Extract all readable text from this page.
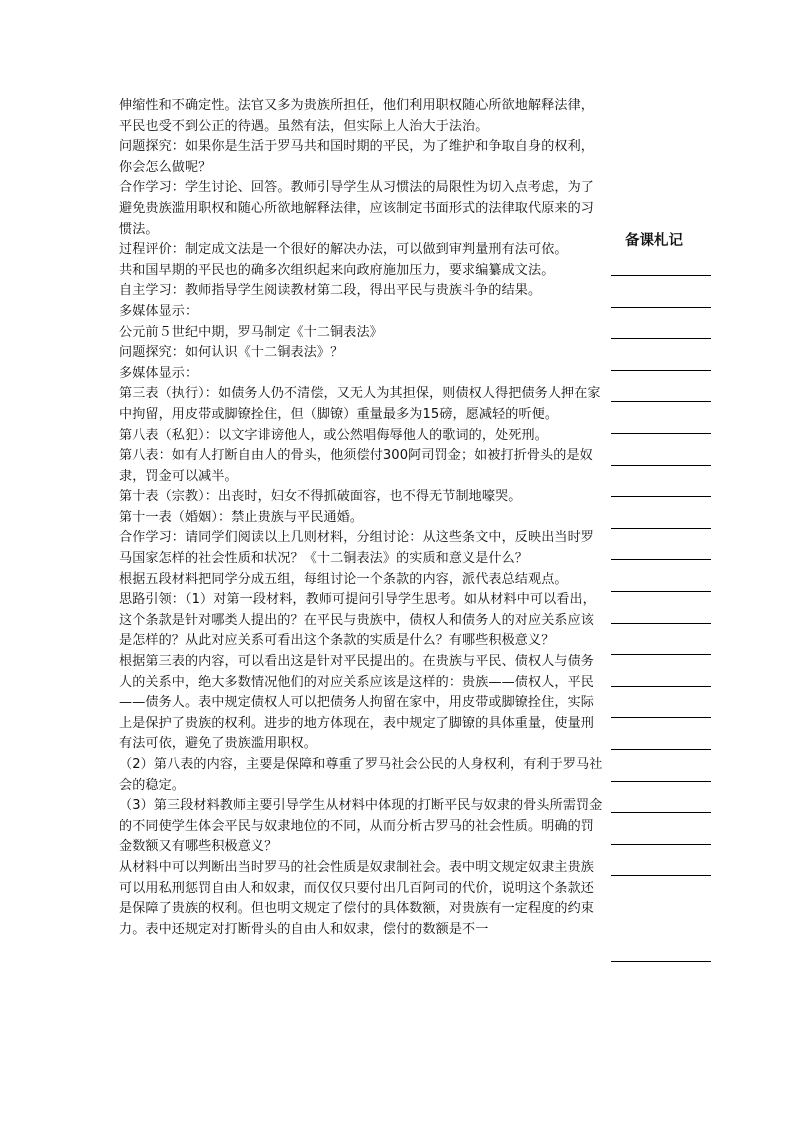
伸缩性和不确定性。法官又多为贵族所担任，他们利用职权随心所欲地解释法律，平民也受不到公正的待遇。虽然有法，但实际上人治大于法治。

问题探究：如果你是生活于罗马共和国时期的平民，为了维护和争取自身的权利，你会怎么做呢？

合作学习：学生讨论、回答。教师引导学生从习惯法的局限性为切入点考虑，为了避免贵族滥用职权和随心所欲地解释法律，应该制定书面形式的法律取代原来的习惯法。

过程评价：制定成文法是一个很好的解决办法，可以做到审判量刑有法可依。

共和国早期的平民也的确多次组织起来向政府施加压力，要求编纂成文法。

自主学习：教师指导学生阅读教材第二段，得出平民与贵族斗争的结果。

多媒体显示：

公元前５世纪中期，罗马制定《十二铜表法》

问题探究：如何认识《十二铜表法》？

多媒体显示：

第三表（执行）：如债务人仍不清偿，又无人为其担保，则债权人得把债务人押在家中拘留，用皮带或脚镣拴住，但（脚镣）重量最多为15磅，愿减轻的听便。

第八表（私犯）：以文字诽谤他人，或公然唱侮辱他人的歌词的，处死刑。

第八表：如有人打断自由人的骨头，他须偿付300阿司罚金；如被打折骨头的是奴隶，罚金可以减半。

第十表（宗教）：出丧时，妇女不得抓破面容，也不得无节制地嚎哭。

第十一表（婚姻）：禁止贵族与平民通婚。

合作学习：请同学们阅读以上几则材料，分组讨论：从这些条文中，反映出当时罗马国家怎样的社会性质和状况？《十二铜表法》的实质和意义是什么？

根据五段材料把同学分成五组，每组讨论一个条款的内容，派代表总结观点。

思路引领：（1）对第一段材料，教师可提问引导学生思考。如从材料中可以看出，这个条款是针对哪类人提出的？在平民与贵族中，债权人和债务人的对应关系应该是怎样的？从此对应关系可看出这个条款的实质是什么？有哪些积极意义？

根据第三表的内容，可以看出这是针对平民提出的。在贵族与平民、债权人与债务人的关系中，绝大多数情况他们的对应关系应该是这样的：贵族——债权人，平民——债务人。表中规定债权人可以把债务人拘留在家中，用皮带或脚镣拴住，实际上是保护了贵族的权利。进步的地方体现在，表中规定了脚镣的具体重量，使量刑有法可依，避免了贵族滥用职权。

（2）第八表的内容，主要是保障和尊重了罗马社会公民的人身权利，有利于罗马社会的稳定。

（3）第三段材料教师主要引导学生从材料中体现的打断平民与奴隶的骨头所需罚金的不同使学生体会平民与奴隶地位的不同，从而分析古罗马的社会性质。明确的罚金数额又有哪些积极意义？

从材料中可以判断出当时罗马的社会性质是奴隶制社会。表中明文规定奴隶主贵族可以用私刑惩罚自由人和奴隶，而仅仅只要付出几百阿司的代价，说明这个条款还是保障了贵族的权利。但也明文规定了偿付的具体数额，对贵族有一定程度的约束力。表中还规定对打断骨头的自由人和奴隶，偿付的数额是不一

备课札记
